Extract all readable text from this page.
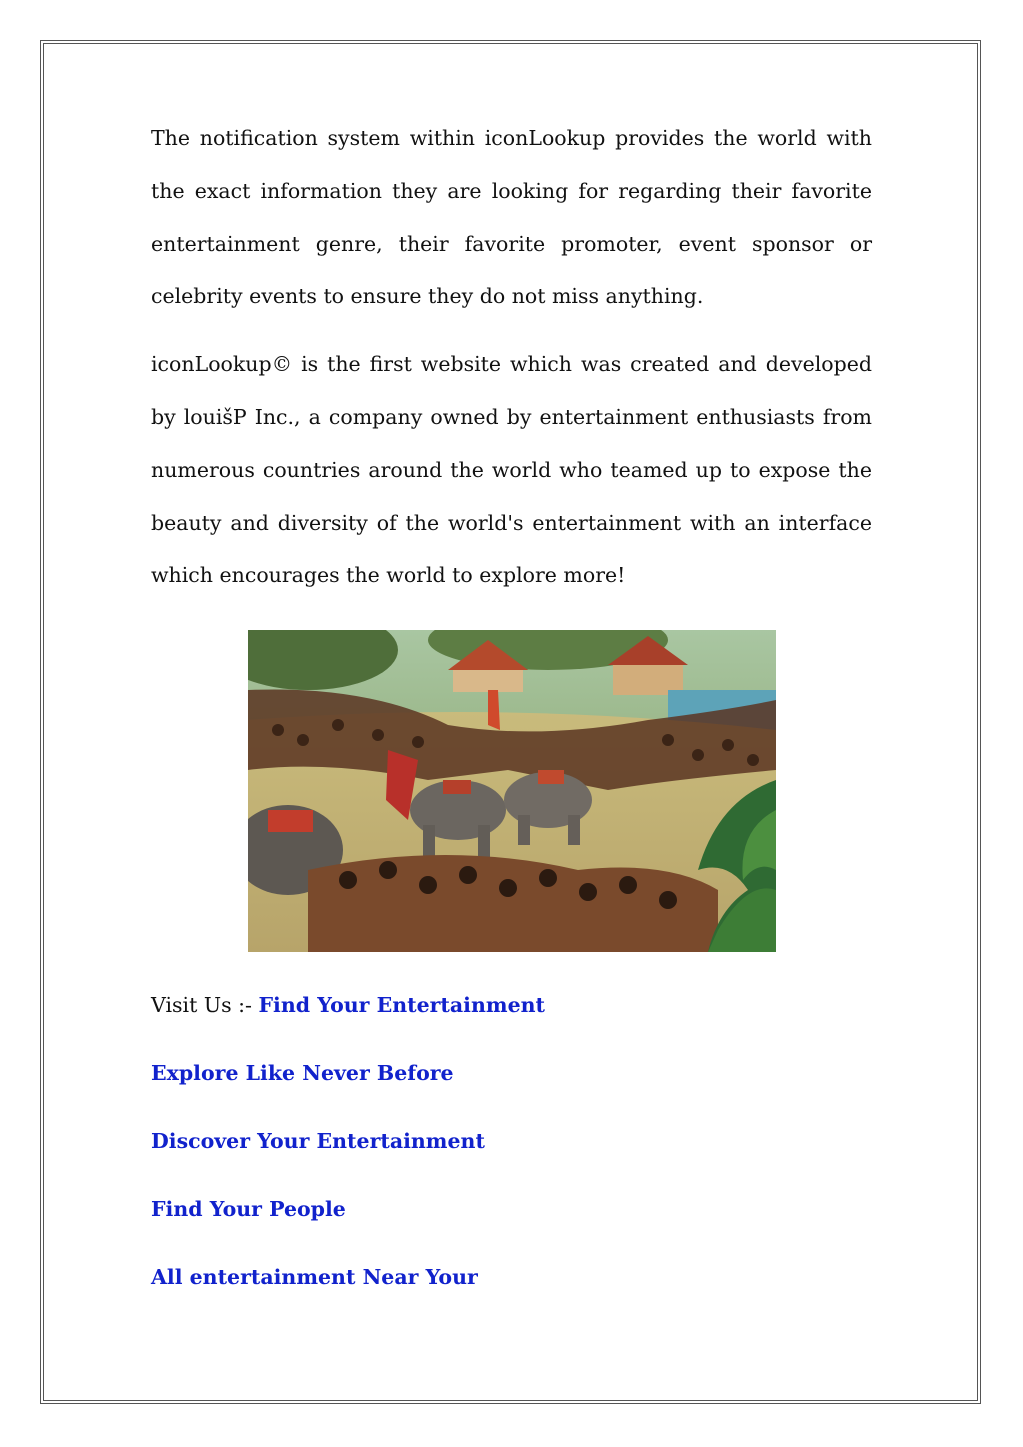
The notification system within iconLookup provides the world with the exact information they are looking for regarding their favorite entertainment genre, their favorite promoter, event sponsor or celebrity events to ensure they do not miss anything.

iconLookup© is the first website which was created and developed by louišP Inc., a company owned by entertainment enthusiasts from numerous countries around the world who teamed up to expose the beauty and diversity of the world's entertainment with an interface which encourages the world to explore more!

Visit Us :- Find Your Entertainment

Explore Like Never Before
Discover Your Entertainment
Find Your People
All entertainment Near Your
